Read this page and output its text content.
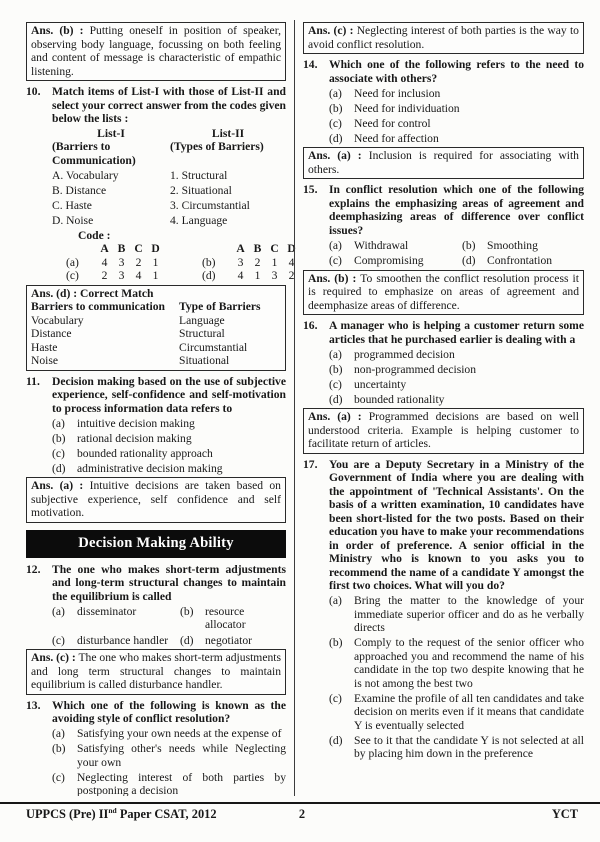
Ans. (b) : Putting oneself in position of speaker, observing body language, focussing on both feeling and content of message is characteristic of empathic listening.
10. Match items of List-I with those of List-II and select your correct answer from the codes given below the lists :
List-I	List-II
(Barriers to	(Types of Barriers)
Communication)
A. Vocabulary	1. Structural
B. Distance	2. Situational
C. Haste	3. Circumstantial
D. Noise	4. Language
Code :
A B C D	A B C D
(a)	4 3 2 1	(b)	3 2 1 4
(c)	2 3 4 1	(d)	4 1 3 2
Ans. (d) : Correct Match
Barriers to communication	Type of Barriers
Vocabulary	Language
Distance	Structural
Haste	Circumstantial
Noise	Situational
11.	Decision making based on the use of subjective experience, self-confidence and self-motivation to process information data refers to
(a)	intuitive decision making
(b) rational decision making
(c)	bounded rationality approach
(d) administrative decision making
Ans. (a) : Intuitive decisions are taken based on subjective experience, self confidence and self motivation.
Decision Making Ability
12. The one who makes short-term adjustments and long-term structural changes to maintain the equilibrium is called
(a)	disseminator	(b) resource allocator
(c)	disturbance handler (d) negotiator
Ans. (c) : The one who makes short-term adjustments and long term structural changes to maintain equilibrium is called disturbance handler.
13. Which one of the following is known as the avoiding style of conflict resolution?
(a)	Satisfying your own needs at the expense of
(b) Satisfying other's needs while Neglecting your own
(c)	Neglecting interest of both parties by postponing a decision
Ans. (c) : Neglecting interest of both parties is the way to avoid conflict resolution.
14. Which one of the following refers to the need to associate with others?
(a)	Need for inclusion
(b) Need for individuation
(c)	Need for control
(d) Need for affection
Ans. (a) : Inclusion is required for associating with others.
15. In conflict resolution which one of the following explains the emphasizing areas of agreement and deemphasizing areas of difference over conflict issues?
(a)	Withdrawal	(b) Smoothing
(c)	Compromising	(d) Confrontation
Ans. (b) : To smoothen the conflict resolution process it is required to emphasize on areas of agreement and deemphasize areas of difference.
16. A manager who is helping a customer return some articles that he purchased earlier is dealing with a
(a)	programmed decision
(b) non-programmed decision
(c)	uncertainty
(d) bounded rationality
Ans. (a) : Programmed decisions are based on well understood criteria. Example is helping customer to facilitate return of articles.
17. You are a Deputy Secretary in a Ministry of the Government of India where you are dealing with the appointment of 'Technical Assistants'. On the basis of a written examination, 10 candidates have been short-listed for the two posts. Based on their education you have to make your recommendations in order of preference. A senior official in the Ministry who is known to you asks you to recommend the name of a candidate Y amongst the first two choices. What will you do?
(a)	Bring the matter to the knowledge of your immediate superior officer and do as he verbally directs
(b) Comply to the request of the senior officer who approached you and recommend the name of his candidate in the top two despite knowing that he is not among the best two
(c)	Examine the profile of all ten candidates and take decision on merits even if it means that candidate Y is eventually selected
(d) See to it that the candidate Y is not selected at all by placing him down in the preference
UPPCS (Pre) IInd Paper CSAT, 2012	2	YCT
